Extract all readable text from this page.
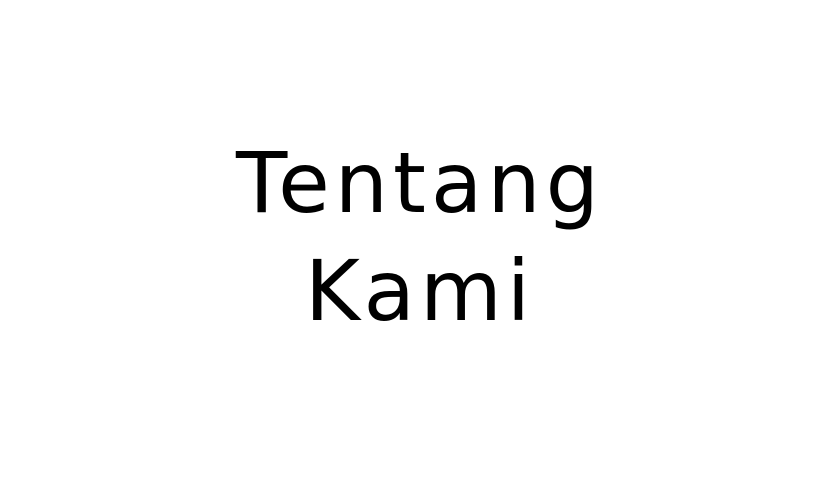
Tentang
Kami
